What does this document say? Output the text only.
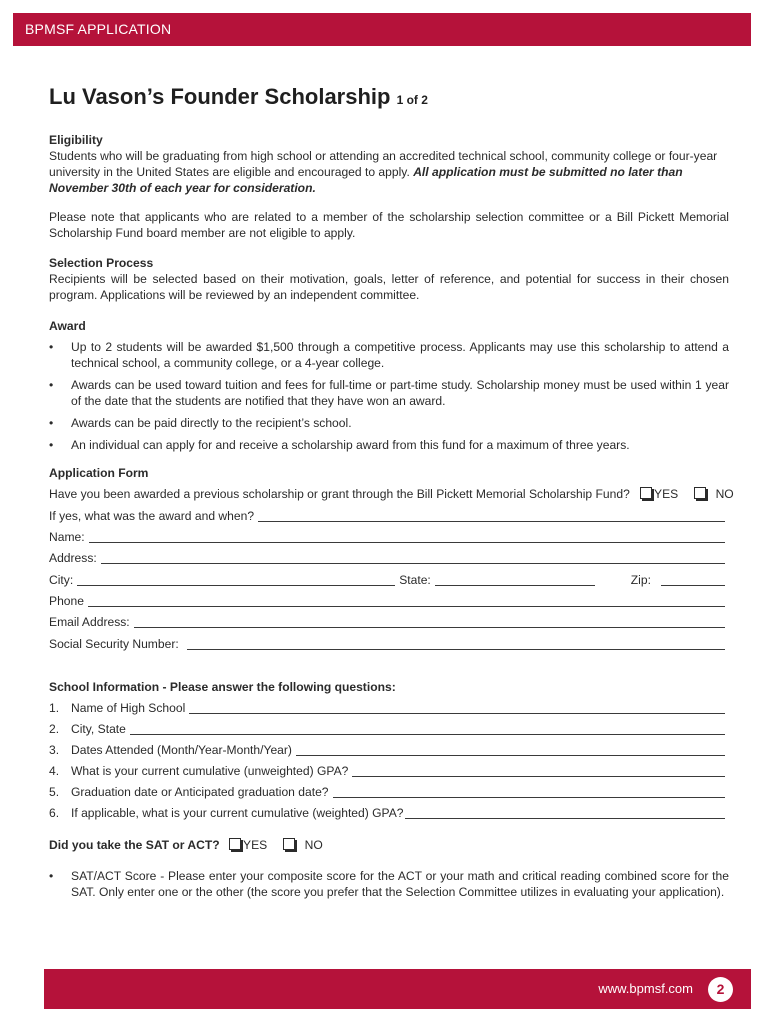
BPMSF APPLICATION
Lu Vason’s Founder Scholarship 1 of 2
Eligibility
Students who will be graduating from high school or attending an accredited technical school, community college or four-year university in the United States are eligible and encouraged to apply. All application must be submitted no later than November 30th of each year for consideration.
Please note that applicants who are related to a member of the scholarship selection committee or a Bill Pickett Memorial Scholarship Fund board member are not eligible to apply.
Selection Process
Recipients will be selected based on their motivation, goals, letter of reference, and potential for success in their chosen program. Applications will be reviewed by an independent committee.
Award
• Up to 2 students will be awarded $1,500 through a competitive process. Applicants may use this scholarship to attend a technical school, a community college, or a 4-year college.
• Awards can be used toward tuition and fees for full-time or part-time study. Scholarship money must be used within 1 year of the date that the students are notified that they have won an award.
• Awards can be paid directly to the recipient’s school.
• An individual can apply for and receive a scholarship award from this fund for a maximum of three years.
Application Form
Have you been awarded a previous scholarship or grant through the Bill Pickett Memorial Scholarship Fund?	YES	NO
If yes, what was the award and when?
Name:
Address:
City:	State:	Zip:
Phone
Email Address:
Social Security Number:
School Information - Please answer the following questions:
1. Name of High School
2. City, State
3. Dates Attended (Month/Year-Month/Year)
4. What is your current cumulative (unweighted) GPA?
5. Graduation date or Anticipated graduation date?
6. If applicable, what is your current cumulative (weighted) GPA?
Did you take the SAT or ACT? YES	NO
• SAT/ACT Score - Please enter your composite score for the ACT or your math and critical reading combined score for the SAT. Only enter one or the other (the score you prefer that the Selection Committee utilizes in evaluating your application).
www.bpmsf.com	2
